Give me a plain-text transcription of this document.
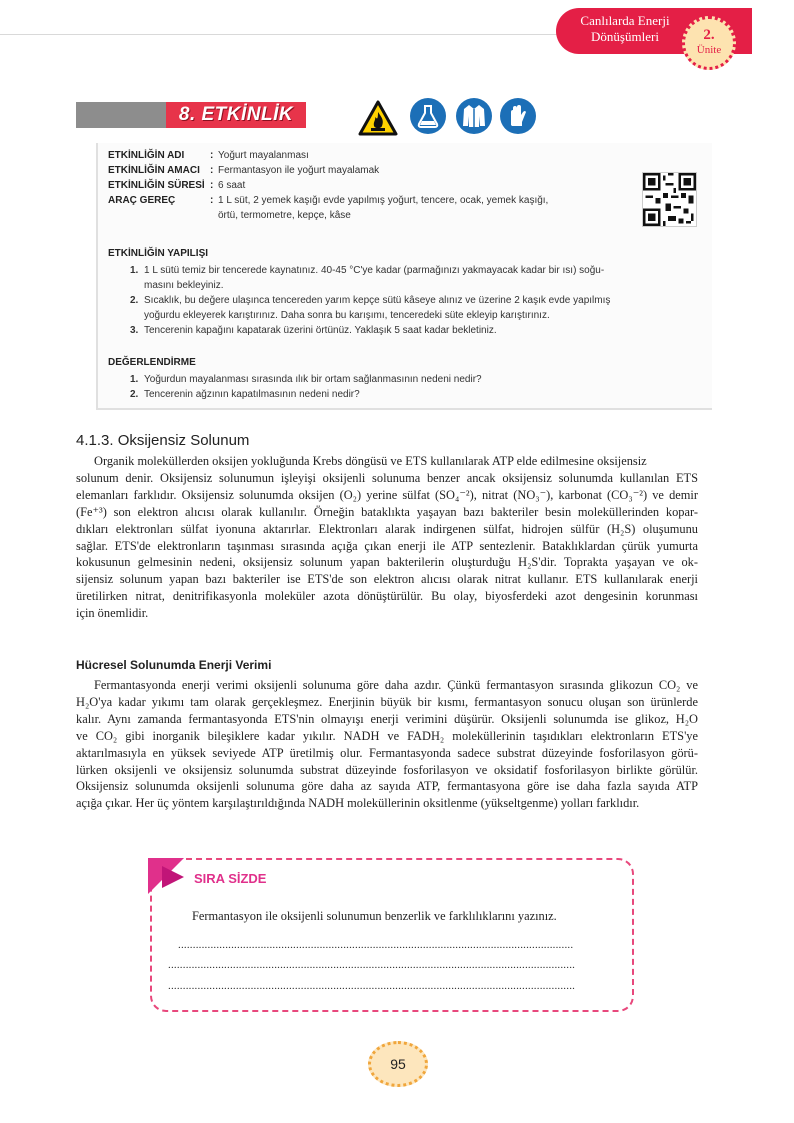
Canlılarda Enerji
Dönüşümleri	2.
Ünite
8. ETKİNLİK
ETKİNLİĞİN ADI	: Yoğurt mayalanması
ETKİNLİĞİN AMACI : Fermantasyon ile yoğurt mayalamak
ETKİNLİĞİN SÜRESİ : 6 saat
ARAÇ GEREÇ	: 1 L süt, 2 yemek kaşığı evde yapılmış yoğurt, tencere, ocak, yemek kaşığı,
örtü, termometre, kepçe, kâse
ETKİNLİĞİN YAPILIŞI
1. 1 L sütü temiz bir tencerede kaynatınız. 40-45 °C'ye kadar (parmağınızı yakmayacak kadar bir ısı) soğu-
masını bekleyiniz.
2. Sıcaklık, bu değere ulaşınca tencereden yarım kepçe sütü kâseye alınız ve üzerine 2 kaşık evde yapılmış
yoğurdu ekleyerek karıştırınız. Daha sonra bu karışımı, tenceredeki süte ekleyip karıştırınız.
3. Tencerenin kapağını kapatarak üzerini örtünüz. Yaklaşık 5 saat kadar bekletiniz.
DEĞERLENDİRME
1. Yoğurdun mayalanması sırasında ılık bir ortam sağlanmasının nedeni nedir?
2. Tencerenin ağzının kapatılmasının nedeni nedir?
4.1.3. Oksijensiz Solunum
Organik moleküllerden oksijen yokluğunda Krebs döngüsü ve ETS kullanılarak ATP elde edilmesine oksijensiz
solunum denir. Oksijensiz solunumun işleyişi oksijenli solunuma benzer ancak oksijensiz solunumda kullanılan ETS
elemanları farklıdır. Oksijensiz solunumda oksijen (O₂) yerine sülfat (SO₄⁻²), nitrat (NO₃⁻), karbonat (CO₃⁻²) ve demir
(Fe⁺³) son elektron alıcısı olarak kullanılır. Örneğin bataklıkta yaşayan bazı bakteriler besin moleküllerinden kopar-
dıkları elektronları sülfat iyonuna aktarırlar. Elektronları alarak indirgenen sülfat, hidrojen sülfür (H₂S) oluşumunu
sağlar. ETS'de elektronların taşınması sırasında açığa çıkan enerji ile ATP sentezlenir. Bataklıklardan çürük yumurta
kokusunun gelmesinin nedeni, oksijensiz solunum yapan bakterilerin oluşturduğu H₂S'dir. Toprakta yaşayan ve ok-
sijensiz solunum yapan bazı bakteriler ise ETS'de son elektron alıcısı olarak nitrat kullanır. ETS kullanılarak enerji
üretilirken nitrat, denitrifikasyonla moleküler azota dönüştürülür. Bu olay, biyosferdeki azot dengesinin korunması
için önemlidir.
Hücresel Solunumda Enerji Verimi
Fermantasyonda enerji verimi oksijenli solunuma göre daha azdır. Çünkü fermantasyon sırasında glikozun CO₂ ve
H₂O'ya kadar yıkımı tam olarak gerçekleşmez. Enerjinin büyük bir kısmı, fermantasyon sonucu oluşan son ürünlerde
kalır. Aynı zamanda fermantasyonda ETS'nin olmayışı enerji verimini düşürür. Oksijenli solunumda ise glikoz, H₂O
ve CO₂ gibi inorganik bileşiklere kadar yıkılır. NADH ve FADH₂ moleküllerinin taşıdıkları elektronların ETS'ye
aktarılmasıyla en yüksek seviyede ATP üretilmiş olur. Fermantasyonda sadece substrat düzeyinde fosforilasyon görü-
lürken oksijenli ve oksijensiz solunumda substrat düzeyinde fosforilasyon ve oksidatif fosforilasyon birlikte görülür.
Oksijensiz solunumda oksijenli solunuma göre daha az sayıda ATP, fermantasyona göre ise daha fazla sayıda ATP
açığa çıkar. Her üç yöntem karşılaştırıldığında NADH moleküllerinin oksitlenme (yükseltgenme) yolları farklıdır.
SIRA SİZDE
Fermantasyon ile oksijenli solunumun benzerlik ve farklılıklarını yazınız.
......................................................................................................................................
..........................................................................................................................................
..........................................................................................................................................
95
